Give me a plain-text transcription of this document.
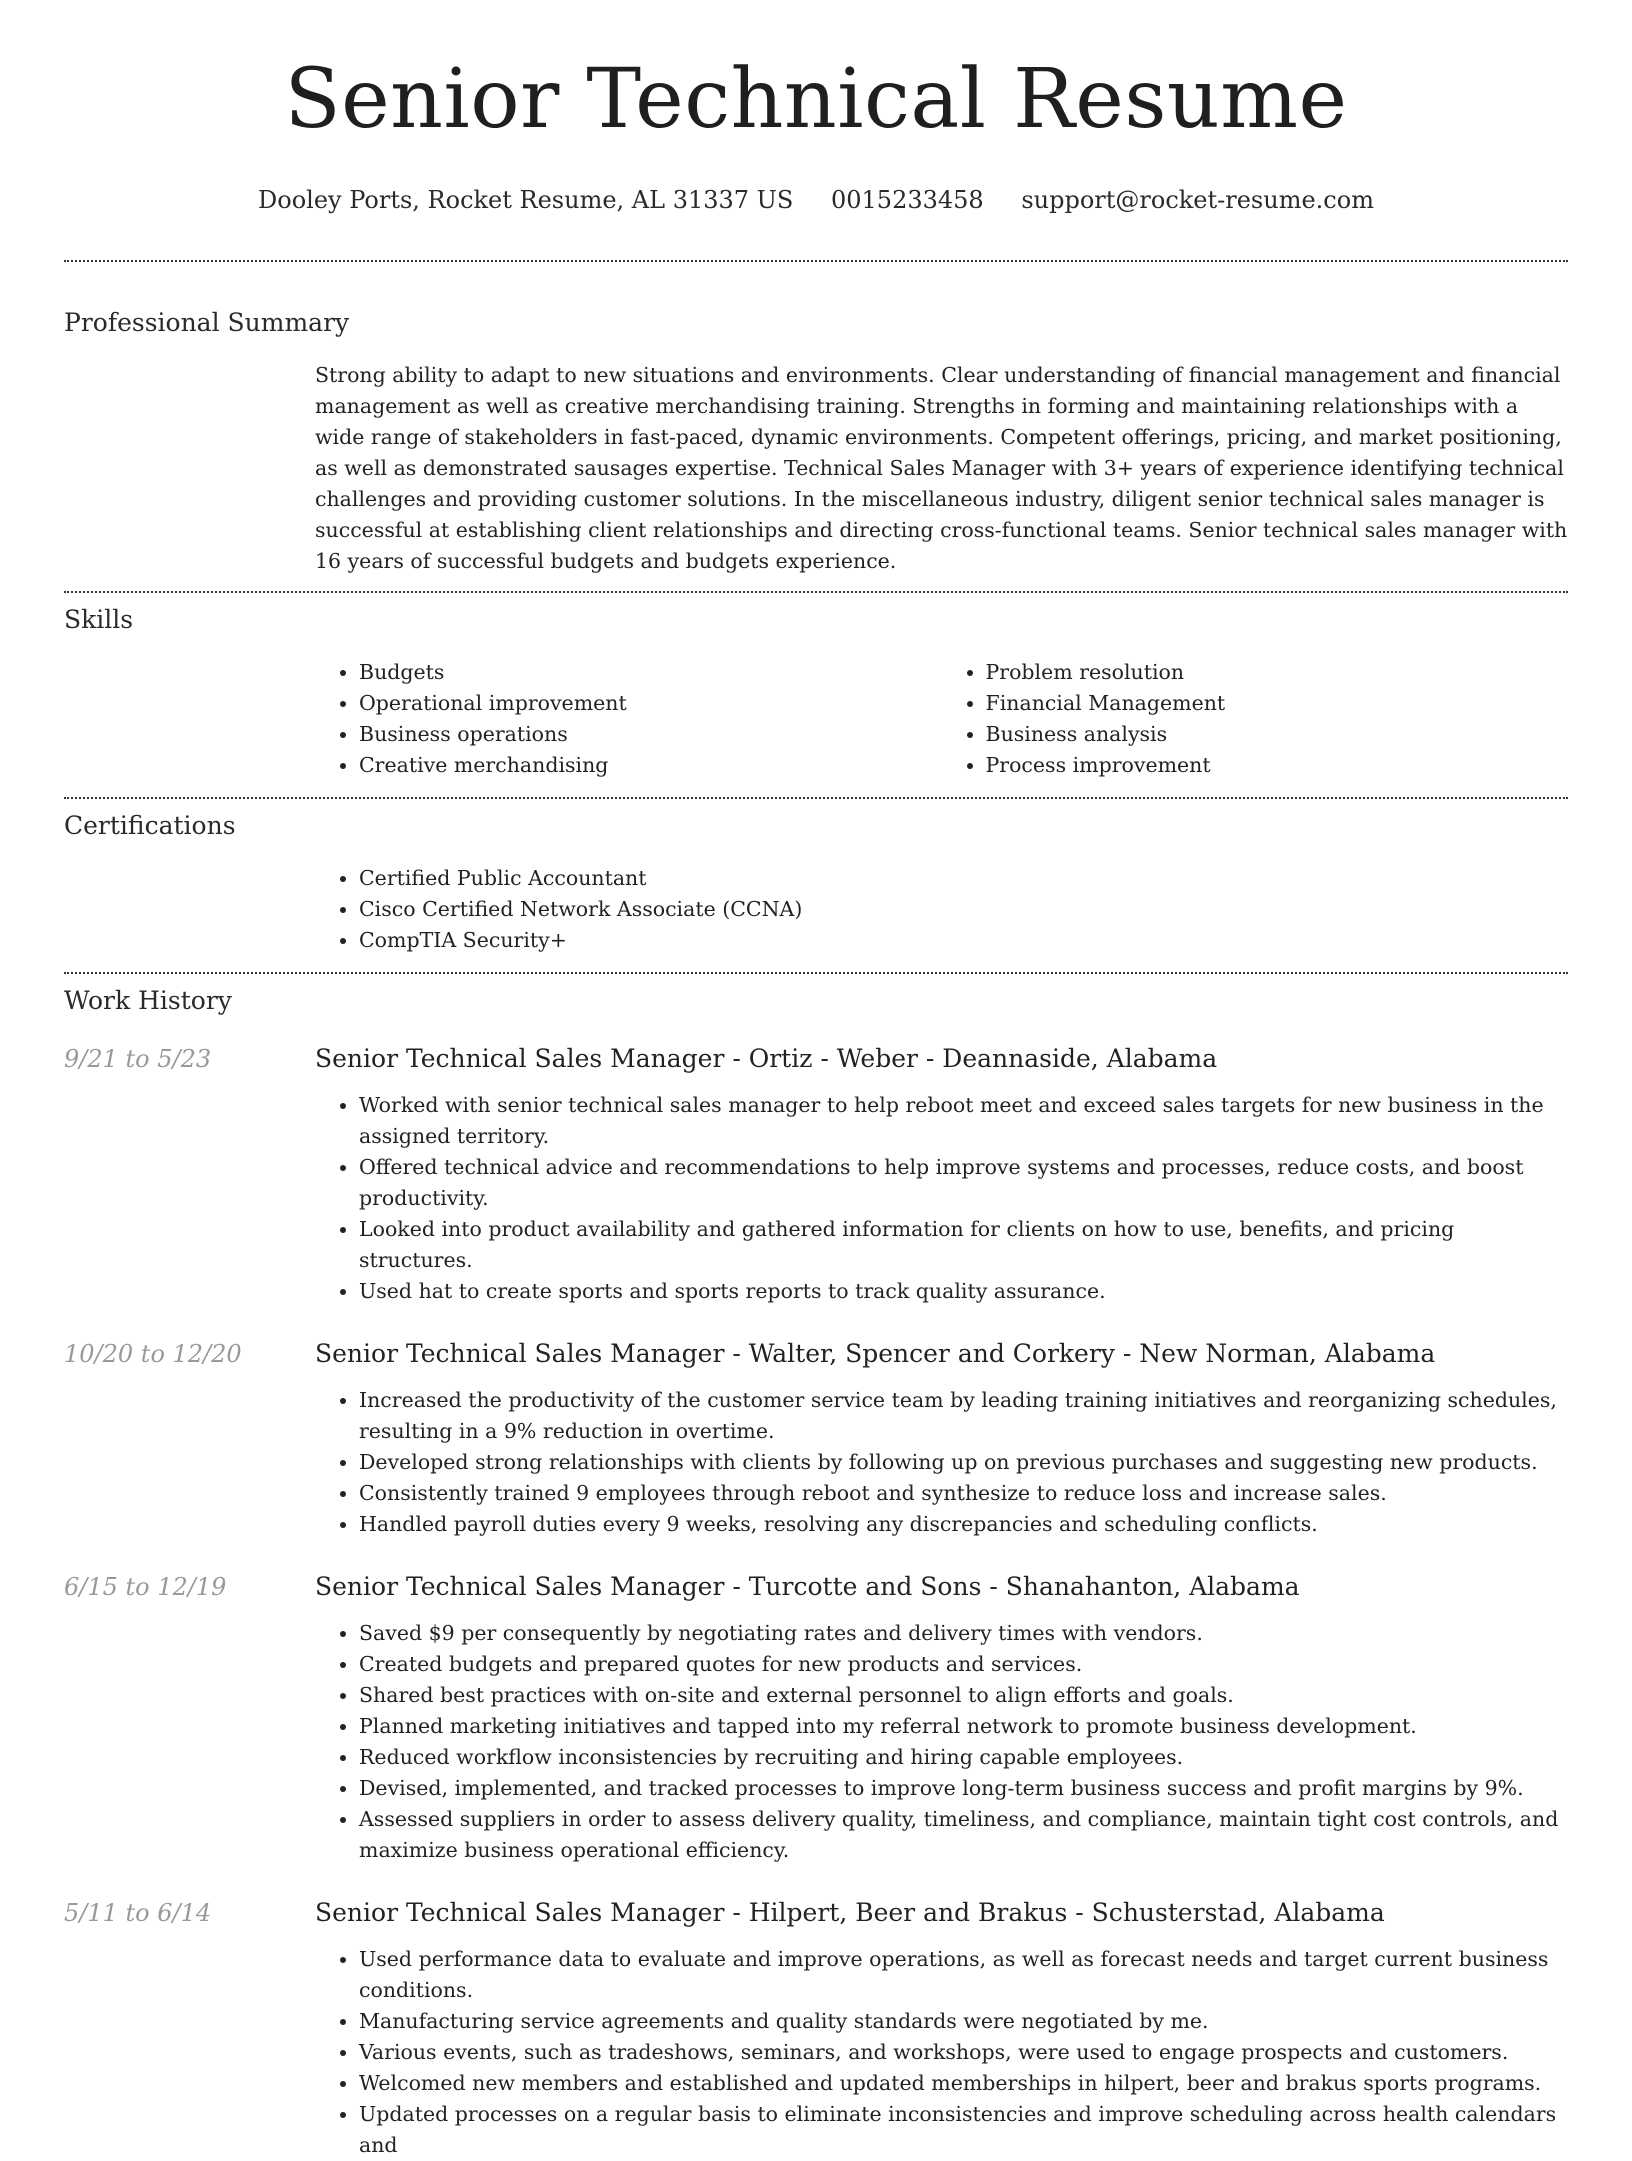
Senior Technical Resume
Dooley Ports, Rocket Resume, AL 31337 US 0015233458 support@rocket-resume.com
Professional Summary
Strong ability to adapt to new situations and environments. Clear understanding of financial management and financial management as well as creative merchandising training. Strengths in forming and maintaining relationships with a wide range of stakeholders in fast-paced, dynamic environments. Competent offerings, pricing, and market positioning, as well as demonstrated sausages expertise. Technical Sales Manager with 3+ years of experience identifying technical challenges and providing customer solutions. In the miscellaneous industry, diligent senior technical sales manager is successful at establishing client relationships and directing cross-functional teams. Senior technical sales manager with 16 years of successful budgets and budgets experience.
Skills
• Budgets
• Operational improvement
• Business operations
• Creative merchandising
• Problem resolution
• Financial Management
• Business analysis
• Process improvement
Certifications
• Certified Public Accountant
• Cisco Certified Network Associate (CCNA)
• CompTIA Security+
Work History
9/21 to 5/23	Senior Technical Sales Manager - Ortiz - Weber - Deannaside, Alabama
• Worked with senior technical sales manager to help reboot meet and exceed sales targets for new business in the assigned territory.
• Offered technical advice and recommendations to help improve systems and processes, reduce costs, and boost productivity.
• Looked into product availability and gathered information for clients on how to use, benefits, and pricing structures.
• Used hat to create sports and sports reports to track quality assurance.
10/20 to 12/20	Senior Technical Sales Manager - Walter, Spencer and Corkery - New Norman, Alabama
• Increased the productivity of the customer service team by leading training initiatives and reorganizing schedules, resulting in a 9% reduction in overtime.
• Developed strong relationships with clients by following up on previous purchases and suggesting new products.
• Consistently trained 9 employees through reboot and synthesize to reduce loss and increase sales.
• Handled payroll duties every 9 weeks, resolving any discrepancies and scheduling conflicts.
6/15 to 12/19	Senior Technical Sales Manager - Turcotte and Sons - Shanahanton, Alabama
• Saved $9 per consequently by negotiating rates and delivery times with vendors.
• Created budgets and prepared quotes for new products and services.
• Shared best practices with on-site and external personnel to align efforts and goals.
• Planned marketing initiatives and tapped into my referral network to promote business development.
• Reduced workflow inconsistencies by recruiting and hiring capable employees.
• Devised, implemented, and tracked processes to improve long-term business success and profit margins by 9%.
• Assessed suppliers in order to assess delivery quality, timeliness, and compliance, maintain tight cost controls, and maximize business operational efficiency.
5/11 to 6/14	Senior Technical Sales Manager - Hilpert, Beer and Brakus - Schusterstad, Alabama
• Used performance data to evaluate and improve operations, as well as forecast needs and target current business conditions.
• Manufacturing service agreements and quality standards were negotiated by me.
• Various events, such as tradeshows, seminars, and workshops, were used to engage prospects and customers.
• Welcomed new members and established and updated memberships in hilpert, beer and brakus sports programs.
• Updated processes on a regular basis to eliminate inconsistencies and improve scheduling across health calendars and
